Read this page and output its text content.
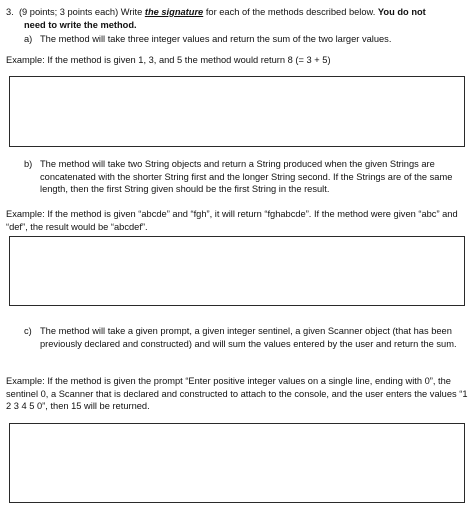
3. (9 points; 3 points each) Write the signature for each of the methods described below. You do not
need to write the method.
a) The method will take three integer values and return the sum of the two larger values.
Example: If the method is given 1, 3, and 5 the method would return 8 (= 3 + 5)
b) The method will take two String objects and return a String produced when the given Strings are concatenated with the shorter String first and the longer String second. If the Strings are of the same length, then the first String given should be the first String in the result.
Example: If the method is given “abcde” and “fgh”, it will return “fghabcde”. If the method were given “abc” and “def”, the result would be “abcdef”.
c) The method will take a given prompt, a given integer sentinel, a given Scanner object (that has been previously declared and constructed) and will sum the values entered by the user and return the sum.
Example: If the method is given the prompt “Enter positive integer values on a single line, ending with 0”, the sentinel 0, a Scanner that is declared and constructed to attach to the console, and the user enters the values “1 2 3 4 5 0”, then 15 will be returned.
